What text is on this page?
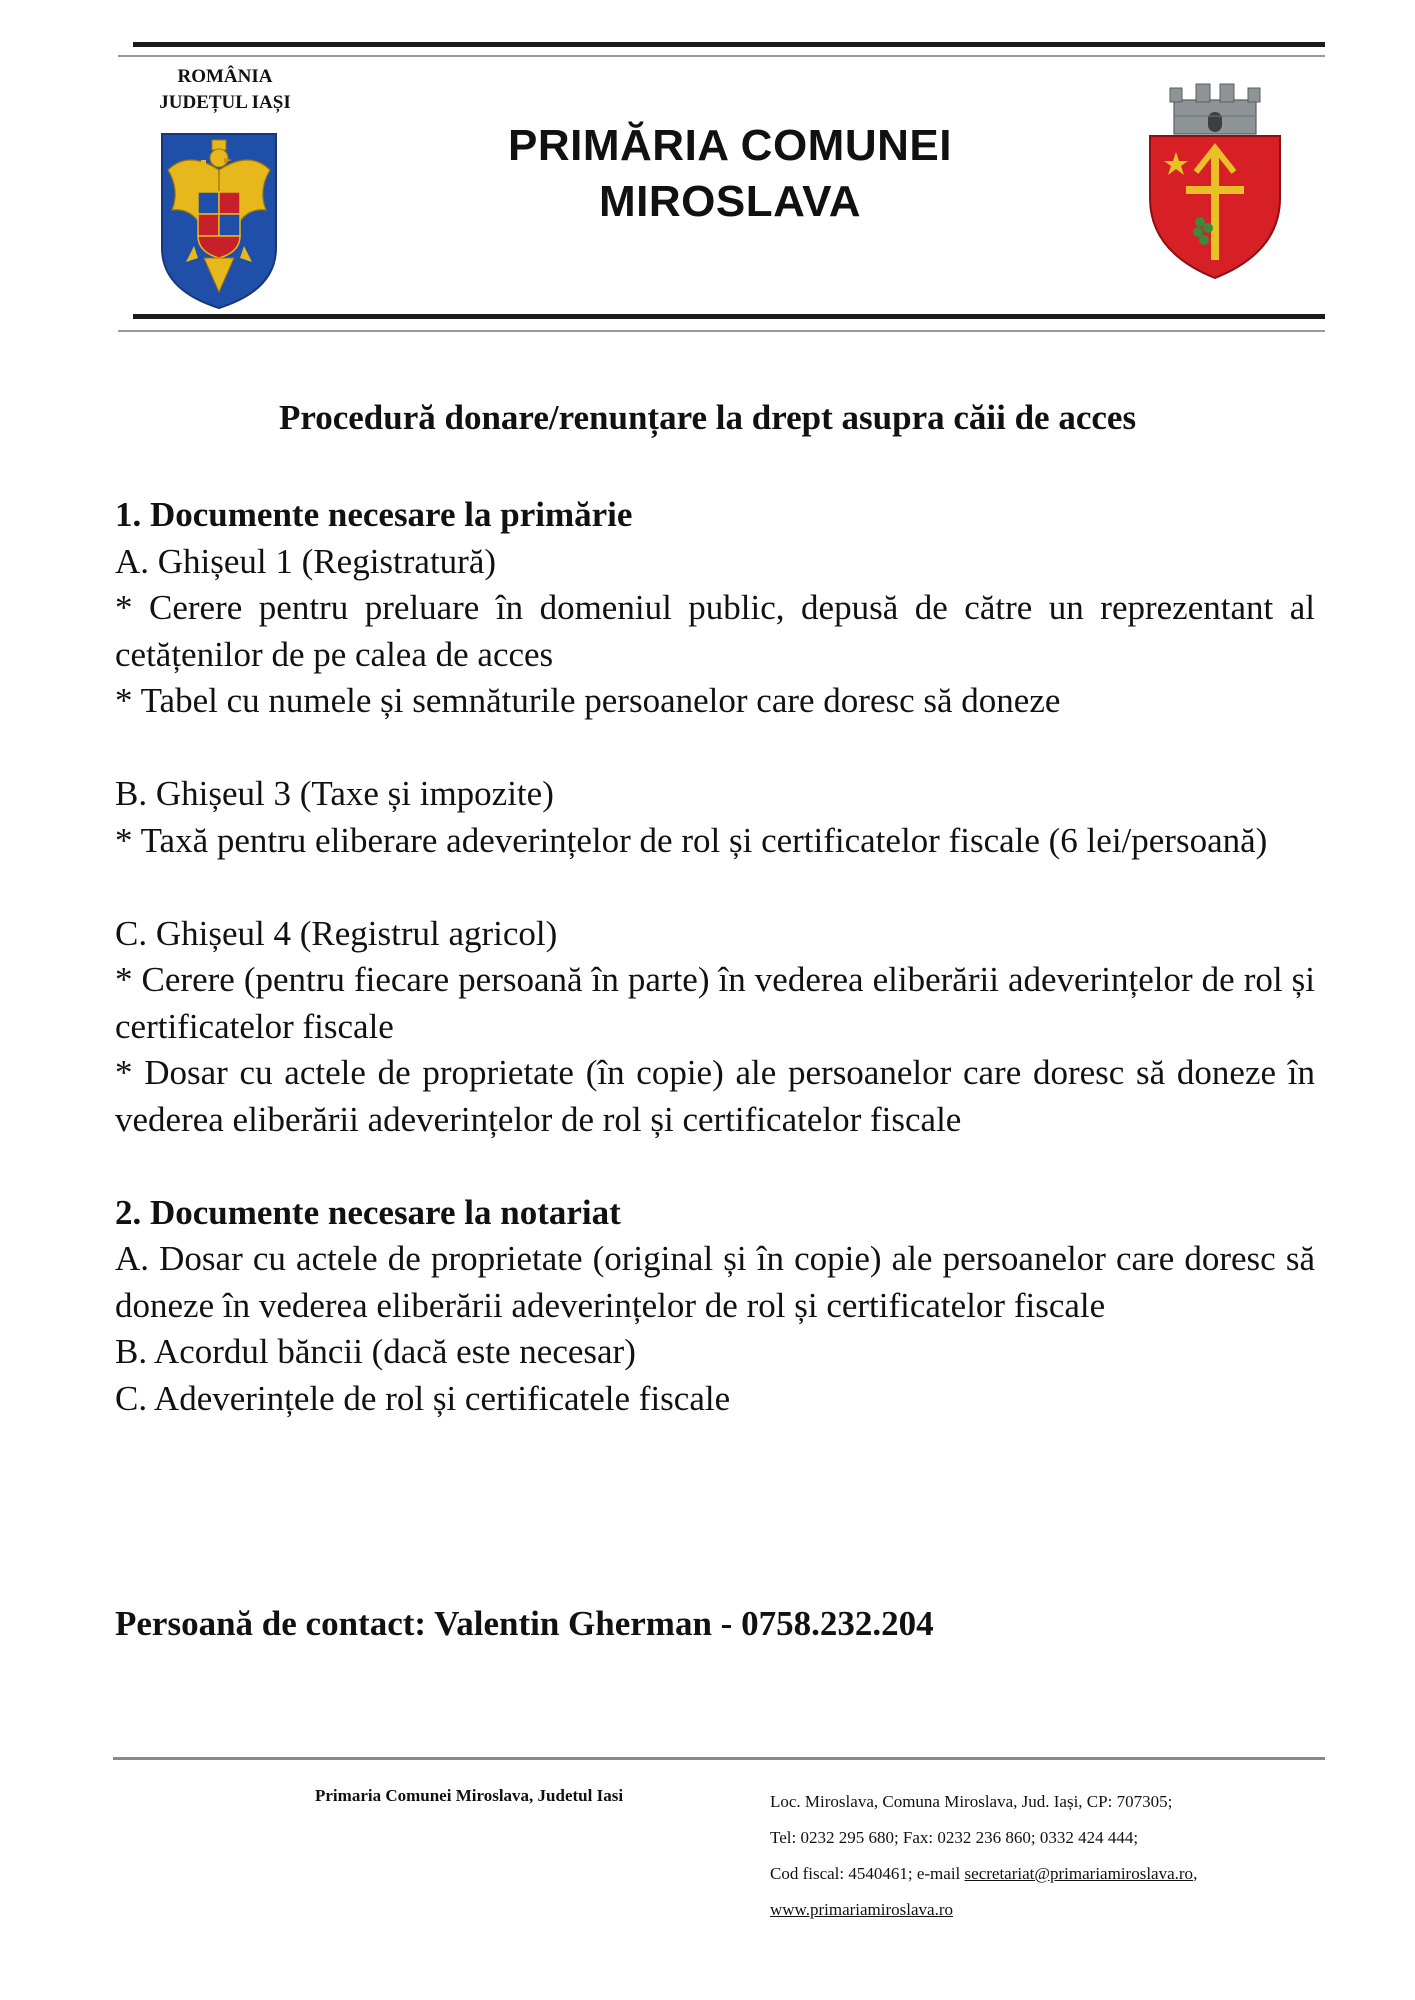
ROMÂNIA
JUDEȚUL IAȘI
PRIMĂRIA COMUNEI
MIROSLAVA
Procedură donare/renunțare la drept asupra căii de acces

1. Documente necesare la primărie

A. Ghișeul 1 (Registratură)

* Cerere pentru preluare în domeniul public, depusă de către un reprezentant al cetățenilor de pe calea de acces

* Tabel cu numele și semnăturile persoanelor care doresc să doneze

B. Ghișeul 3 (Taxe și impozite)

* Taxă pentru eliberare adeverințelor de rol și certificatelor fiscale (6 lei/persoană)

C. Ghișeul 4 (Registrul agricol)

* Cerere (pentru fiecare persoană în parte) în vederea eliberării adeverințelor de rol și certificatelor fiscale

* Dosar cu actele de proprietate (în copie) ale persoanelor care doresc să doneze în vederea eliberării adeverințelor de rol și certificatelor fiscale

2. Documente necesare la notariat

A. Dosar cu actele de proprietate (original și în copie) ale persoanelor care doresc să doneze în vederea eliberării adeverințelor de rol și certificatelor fiscale

B. Acordul băncii (dacă este necesar)

C. Adeverințele de rol și certificatele fiscale

Persoană de contact: Valentin Gherman - 0758.232.204
Primaria Comunei Miroslava, Judetul Iasi	Loc. Miroslava, Comuna Miroslava, Jud. Iași, CP: 707305;
Tel: 0232 295 680; Fax: 0232 236 860; 0332 424 444;
Cod fiscal: 4540461; e-mail secretariat@primariamiroslava.ro,
www.primariamiroslava.ro
